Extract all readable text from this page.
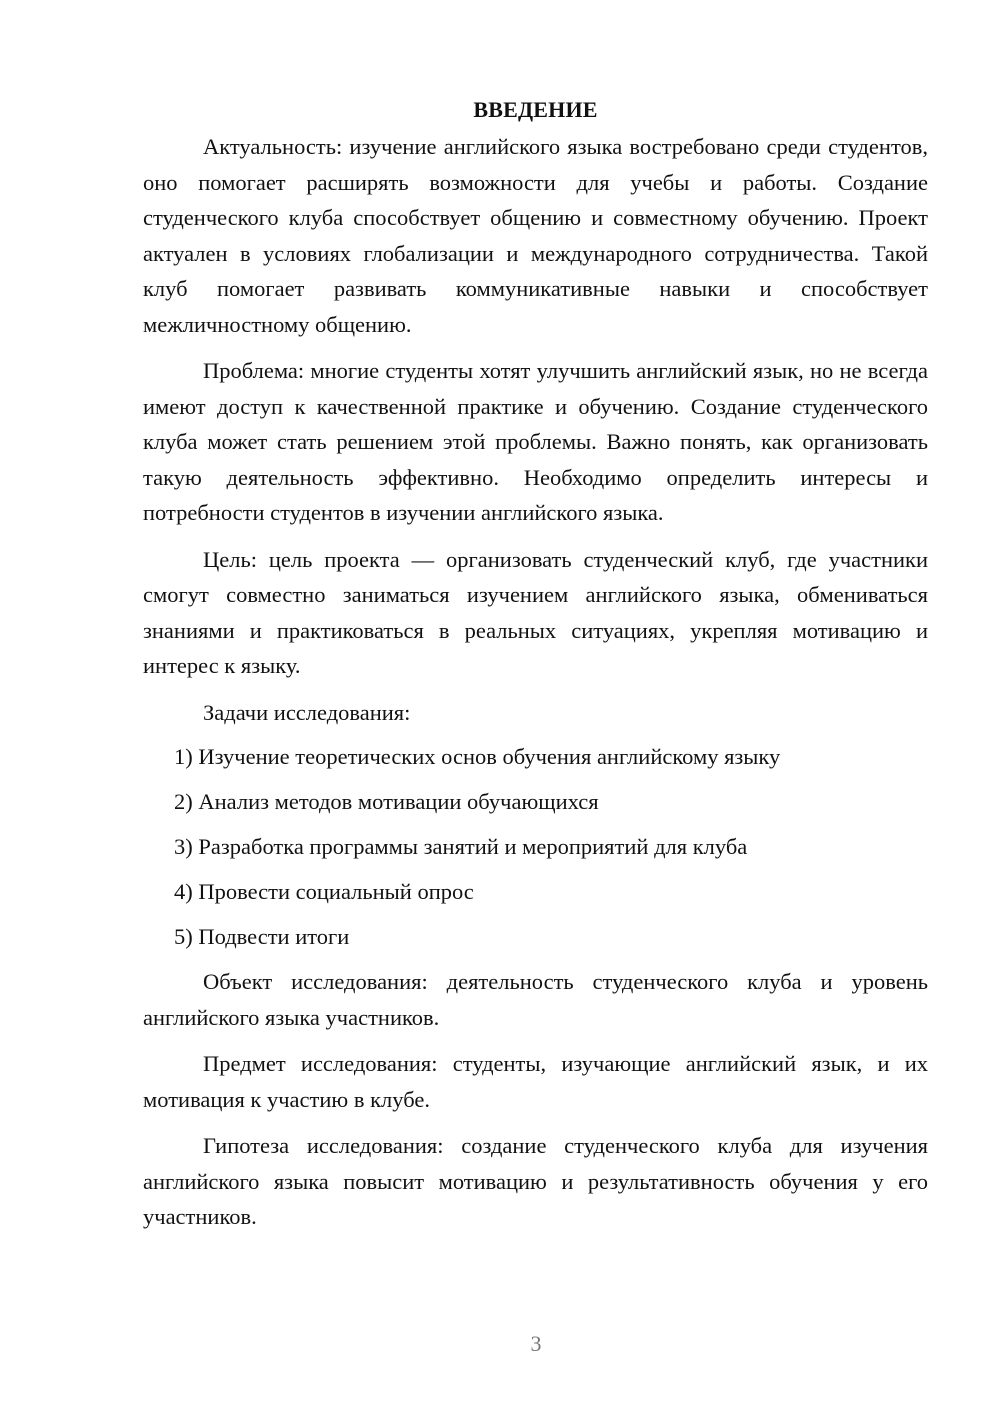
ВВЕДЕНИЕ

Актуальность: изучение английского языка востребовано среди студентов, оно помогает расширять возможности для учебы и работы. Создание студенческого клуба способствует общению и совместному обучению. Проект актуален в условиях глобализации и международного сотрудничества. Такой клуб помогает развивать коммуникативные навыки и способствует межличностному общению.

Проблема: многие студенты хотят улучшить английский язык, но не всегда имеют доступ к качественной практике и обучению. Создание студенческого клуба может стать решением этой проблемы. Важно понять, как организовать такую деятельность эффективно. Необходимо определить интересы и потребности студентов в изучении английского языка.

Цель: цель проекта — организовать студенческий клуб, где участники смогут совместно заниматься изучением английского языка, обмениваться знаниями и практиковаться в реальных ситуациях, укрепляя мотивацию и интерес к языку.

Задачи исследования:

1) Изучение теоретических основ обучения английскому языку
2) Анализ методов мотивации обучающихся
3) Разработка программы занятий и мероприятий для клуба
4) Провести социальный опрос
5) Подвести итоги

Объект исследования: деятельность студенческого клуба и уровень английского языка участников.

Предмет исследования: студенты, изучающие английский язык, и их мотивация к участию в клубе.

Гипотеза исследования: создание студенческого клуба для изучения английского языка повысит мотивацию и результативность обучения у его участников.

3
